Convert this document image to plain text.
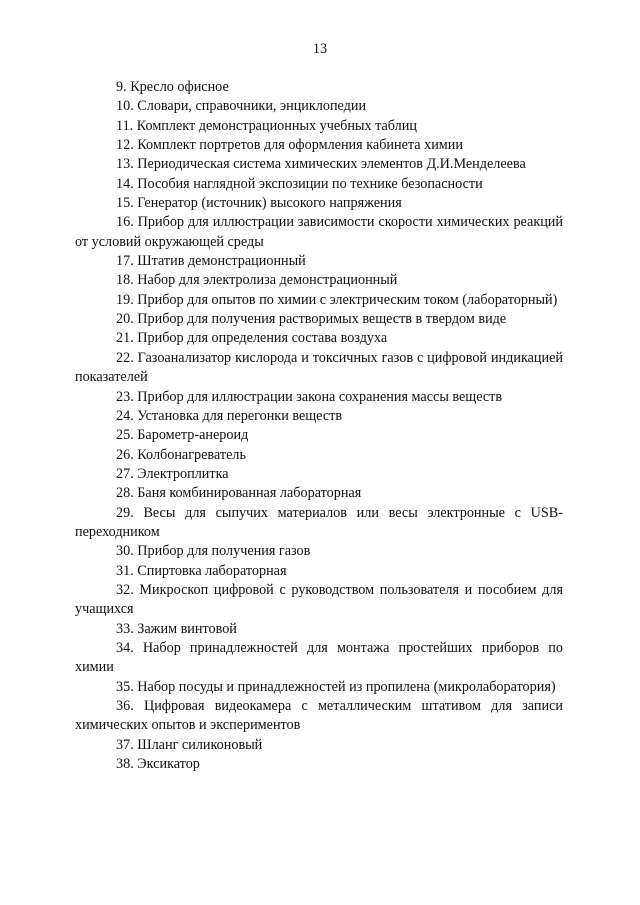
13

9. Кресло офисное

10. Словари, справочники, энциклопедии

11. Комплект демонстрационных учебных таблиц

12. Комплект портретов для оформления кабинета химии

13. Периодическая система химических элементов Д.И.Менделеева

14. Пособия наглядной экспозиции по технике безопасности

15. Генератор (источник) высокого напряжения

16. Прибор для иллюстрации зависимости скорости химических реакций от условий окружающей среды

17. Штатив демонстрационный

18. Набор для электролиза демонстрационный

19. Прибор для опытов по химии с электрическим током (лабораторный)

20. Прибор для получения растворимых веществ в твердом виде

21. Прибор для определения состава воздуха

22. Газоанализатор кислорода и токсичных газов с цифровой индикацией показателей

23. Прибор для иллюстрации закона сохранения массы веществ

24. Установка для перегонки веществ

25. Барометр-анероид

26. Колбонагреватель

27. Электроплитка

28. Баня комбинированная лабораторная

29. Весы для сыпучих материалов или весы электронные с USB-переходником

30. Прибор для получения газов

31. Спиртовка лабораторная

32. Микроскоп цифровой с руководством пользователя и пособием для учащихся

33. Зажим винтовой

34. Набор принадлежностей для монтажа простейших приборов по химии

35. Набор посуды и принадлежностей из пропилена (микролаборатория)

36. Цифровая видеокамера с металлическим штативом для записи химических опытов и экспериментов

37. Шланг силиконовый

38. Эксикатор
